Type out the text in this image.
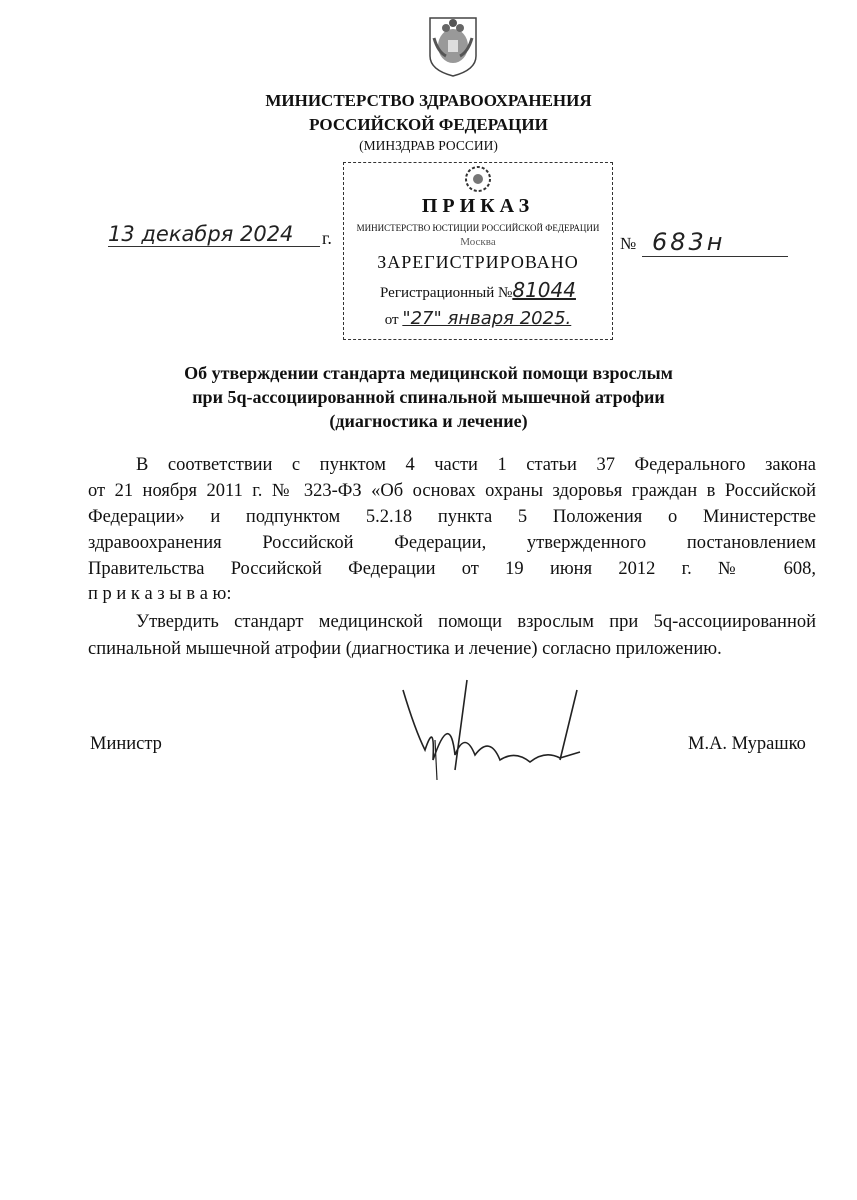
МИНИСТЕРСТВО ЗДРАВООХРАНЕНИЯ
РОССИЙСКОЙ ФЕДЕРАЦИИ
(МИНЗДРАВ РОССИИ)
ПРИКАЗ
МИНИСТЕРСТВО ЮСТИЦИИ РОССИЙСКОЙ ФЕДЕРАЦИИ
Москва
ЗАРЕГИСТРИРОВАНО
Регистрационный №81044
от "27" января 2025.
13 декабря 2024	г.	№ 683н
Об утверждении стандарта медицинской помощи взрослым
при 5q-ассоциированной спинальной мышечной атрофии
(диагностика и лечение)
В соответствии с пунктом 4 части 1 статьи 37 Федерального закона
от 21 ноября 2011 г. № 323-ФЗ «Об основах охраны здоровья граждан в Российской
Федерации» и подпунктом 5.2.18 пункта 5 Положения о Министерстве
здравоохранения Российской Федерации, утвержденного постановлением
Правительства Российской Федерации от 19 июня 2012 г. № 608,
п р и к а з ы в а ю:
Утвердить стандарт медицинской помощи взрослым при 5q-ассоциированной
спинальной мышечной атрофии (диагностика и лечение) согласно приложению.
Министр	М.А. Мурашко
